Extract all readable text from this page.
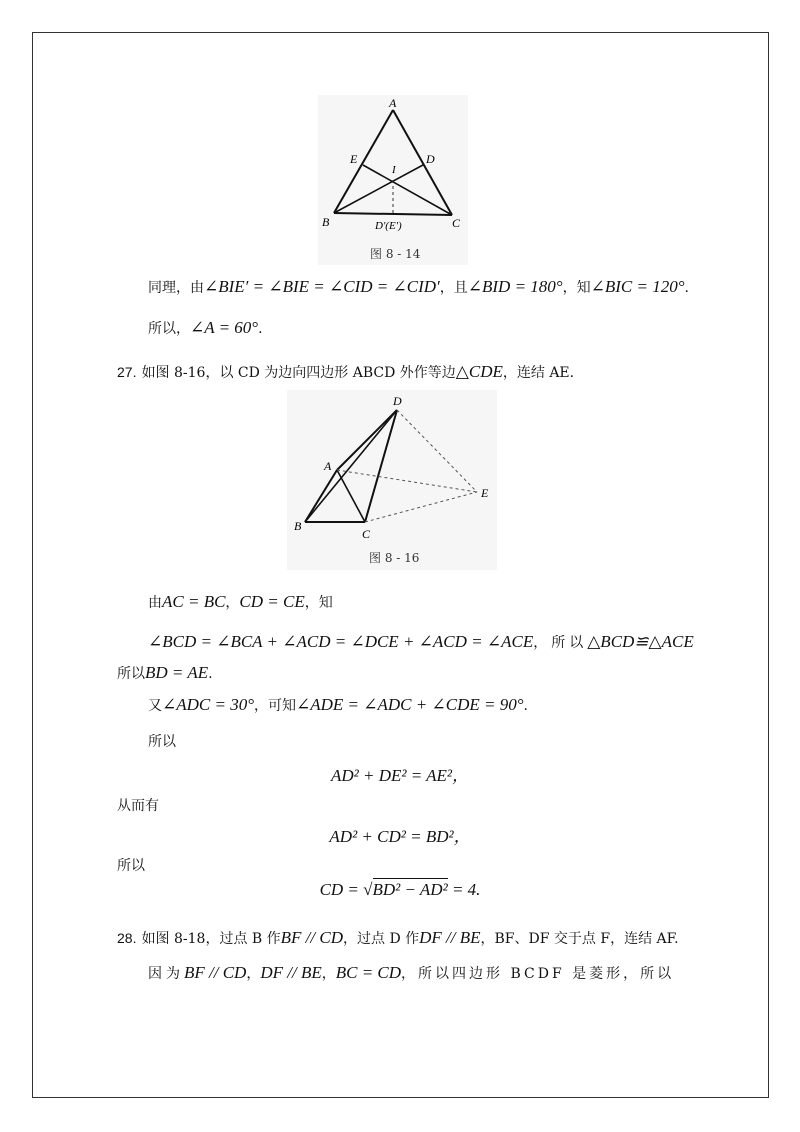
A
E	D
I
B	C
D'(E')
图 8 - 14
同理，由∠BIE′ = ∠BIE = ∠CID = ∠CID′，且∠BID = 180°，知∠BIC = 120°.
所以，∠A = 60°.
27. 如图 8-16，以 CD 为边向四边形 ABCD 外作等边△CDE，连结 AE.
D
A
E
B
C
图 8 - 16
由AC = BC，CD = CE，知
∠BCD = ∠BCA + ∠ACD = ∠DCE + ∠ACD = ∠ACE，所以△BCD≌△ACE
所以BD = AE.
又∠ADC = 30°，可知∠ADE = ∠ADC + ∠CDE = 90°.
所以
AD² + DE² = AE²，
从而有
AD² + CD² = BD²，
所以
CD = √BD² − AD² = 4.
28. 如图 8-18，过点 B 作BF // CD，过点 D 作DF // BE，BF、DF 交于点 F，连结 AF.
因为BF // CD，DF // BE，BC = CD，所以四边形 BCDF 是菱形，所以
